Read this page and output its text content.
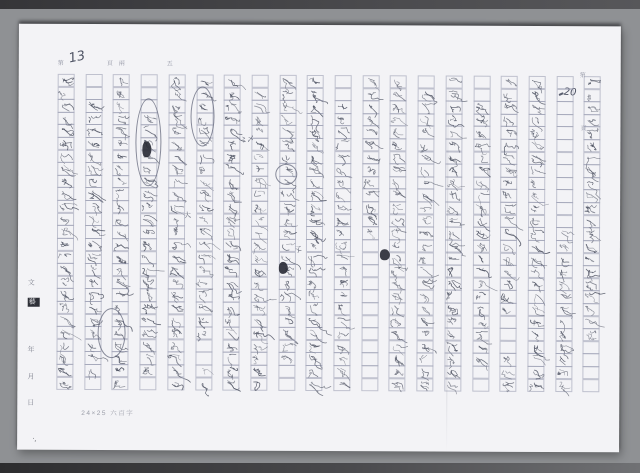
第 13	頁 兩	五
第
20
頁
文
藝
年
月
日
24×25 六百字
〻乄
孓
大
·,
